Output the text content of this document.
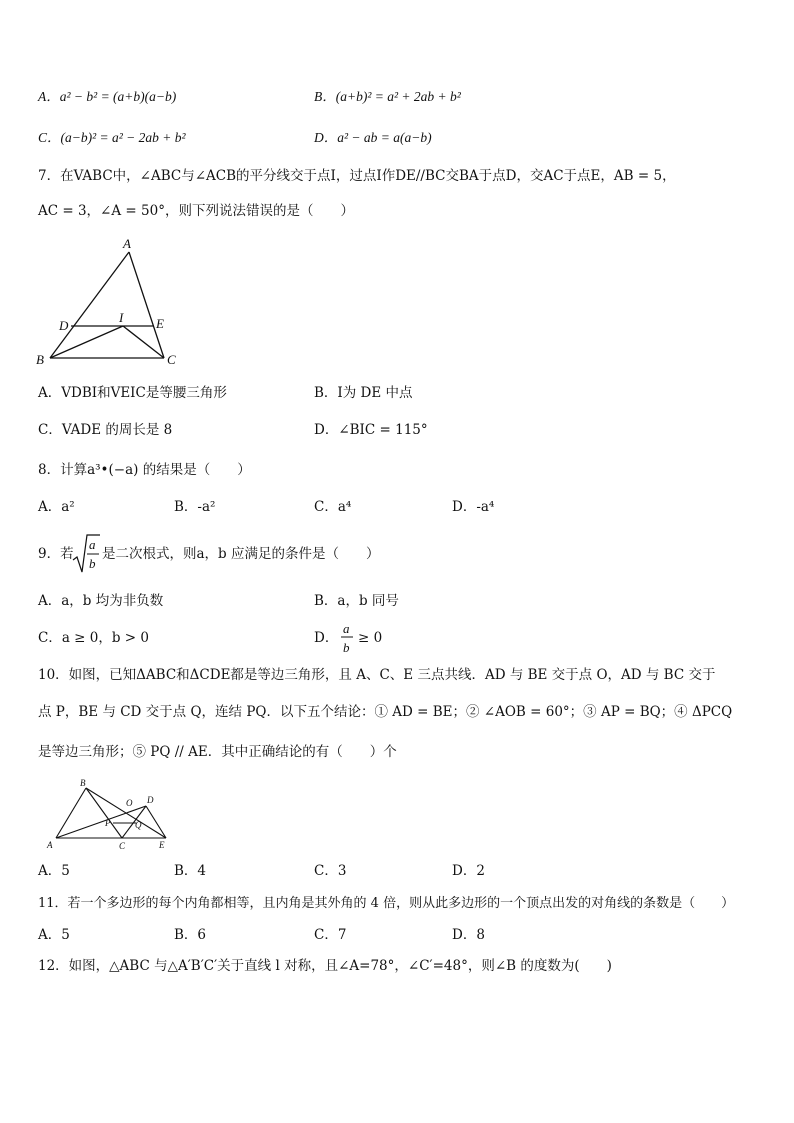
A．a² − b² = (a+b)(a−b)	B．(a+b)² = a² + 2ab + b²
C．(a−b)² = a² − 2ab + b²	D．a² − ab = a(a−b)
7．在VABC中，∠ABC与∠ACB的平分线交于点I，过点I作DE//BC交BA于点D，交AC于点E，AB = 5，
AC = 3，∠A = 50°，则下列说法错误的是（　　）
A
B	C
D	E
I
A．VDBI和VEIC是等腰三角形	B．I为 DE 中点
C．VADE 的周长是 8	D．∠BIC = 115°
8．计算a³•(−a) 的结果是（　　）
A．a²	B．-a²	C．a⁴	D．-a⁴
9．若
a
b
是二次根式，则a，b 应满足的条件是（　　）
A．a，b 均为非负数	B．a，b 同号
C．a ≥ 0，b > 0	D．
a
b
≥ 0
10．如图，已知ΔABC和ΔCDE都是等边三角形，且 A、C、E 三点共线．AD 与 BE 交于点 O，AD 与 BC 交于
点 P，BE 与 CD 交于点 Q，连结 PQ．以下五个结论：① AD = BE；② ∠AOB = 60°；③ AP = BQ；④ ΔPCQ
是等边三角形；⑤ PQ // AE．其中正确结论的有（　　）个
B
A	C
D
E
O
P	Q
A．5	B．4	C．3	D．2
11．若一个多边形的每个内角都相等，且内角是其外角的 4 倍，则从此多边形的一个顶点出发的对角线的条数是（　　）
A．5	B．6	C．7	D．8
12．如图，△ABC 与△A′B′C′关于直线 l 对称，且∠A=78°，∠C′=48°，则∠B 的度数为(　　)
